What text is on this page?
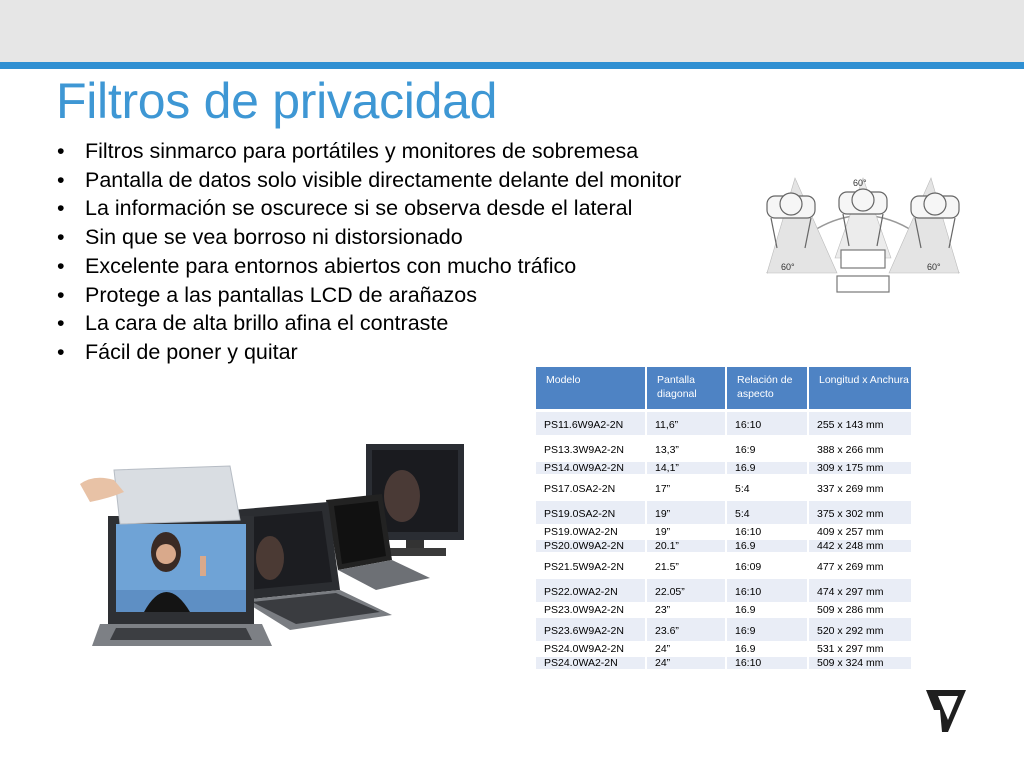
Filtros de privacidad
• Filtros sinmarco para portátiles y monitores de sobremesa
• Pantalla de datos solo visible directamente delante del monitor
• La información se oscurece si se observa desde el lateral
• Sin que se vea borroso ni distorsionado
• Excelente para entornos abiertos con mucho tráfico
• Protege a las pantallas LCD de arañazos
• La cara de alta brillo afina el contraste
• Fácil de poner y quitar
60°
60°	60°
Modelo	Pantalla diagonal	Relación de aspecto	Longitud x Anchura
PS11.6W9A2-2N	11,6”	16:10	255 x 143 mm
PS13.3W9A2-2N	13,3”	16:9	388 x 266 mm
PS14.0W9A2-2N	14,1”	16.9	309 x 175 mm
PS17.0SA2-2N	17”	5:4	337 x 269 mm
PS19.0SA2-2N	19”	5:4	375 x 302 mm
PS19.0WA2-2N	19”	16:10	409 x 257 mm
PS20.0W9A2-2N	20.1”	16.9	442 x 248 mm
PS21.5W9A2-2N	21.5”	16:09	477 x 269 mm
PS22.0WA2-2N	22.05”	16:10	474 x 297 mm
PS23.0W9A2-2N	23”	16.9	509 x 286 mm
PS23.6W9A2-2N	23.6”	16:9	520 x 292 mm
PS24.0W9A2-2N	24”	16.9	531 x 297 mm
PS24.0WA2-2N	24”	16:10	509 x 324 mm
